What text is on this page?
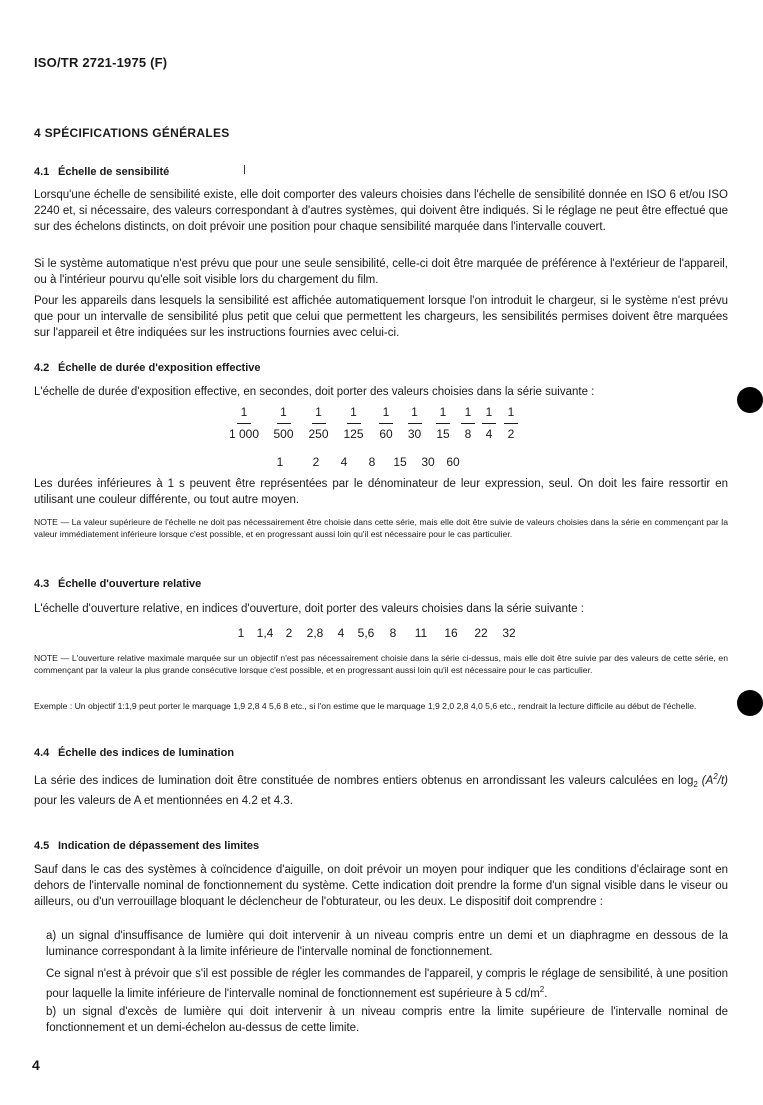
ISO/TR 2721-1975 (F)
4 SPÉCIFICATIONS GÉNÉRALES
4.1 Échelle de sensibilité

Lorsqu'une échelle de sensibilité existe, elle doit comporter des valeurs choisies dans l'échelle de sensibilité donnée en ISO 6 et/ou ISO 2240 et, si nécessaire, des valeurs correspondant à d'autres systèmes, qui doivent être indiqués. Si le réglage ne peut être effectué que sur des échelons distincts, on doit prévoir une position pour chaque sensibilité marquée dans l'intervalle couvert.

Si le système automatique n'est prévu que pour une seule sensibilité, celle-ci doit être marquée de préférence à l'extérieur de l'appareil, ou à l'intérieur pourvu qu'elle soit visible lors du chargement du film.

Pour les appareils dans lesquels la sensibilité est affichée automatiquement lorsque l'on introduit le chargeur, si le système n'est prévu que pour un intervalle de sensibilité plus petit que celui que permettent les chargeurs, les sensibilités permises doivent être marquées sur l'appareil et être indiquées sur les instructions fournies avec celui-ci.

4.2 Échelle de durée d'exposition effective

L'échelle de durée d'exposition effective, en secondes, doit porter des valeurs choisies dans la série suivante :

1
1 000
1
500
1
250
1
125
1
60
1
30
1
15
1
8
1
4
1
2
1	2	4	8	15	30 60

Les durées inférieures à 1 s peuvent être représentées par le dénominateur de leur expression, seul. On doit les faire ressortir en utilisant une couleur différente, ou tout autre moyen.

NOTE — La valeur supérieure de l'échelle ne doit pas nécessairement être choisie dans cette série, mais elle doit être suivie de valeurs choisies dans la série en commençant par la valeur immédiatement inférieure lorsque c'est possible, et en progressant aussi loin qu'il est nécessaire pour le cas particulier.

4.3 Échelle d'ouverture relative

L'échelle d'ouverture relative, en indices d'ouverture, doit porter des valeurs choisies dans la série suivante :

1	1,4	2	2,8	4	5,6	8	11	16	22	32

NOTE — L'ouverture relative maximale marquée sur un objectif n'est pas nécessairement choisie dans la série ci-dessus, mais elle doit être suivie par des valeurs de cette série, en commençant par la valeur la plus grande consécutive lorsque c'est possible, et en progressant aussi loin qu'il est nécessaire pour le cas particulier.

Exemple : Un objectif 1:1,9 peut porter le marquage 1,9 2,8 4 5,6 8 etc., si l'on estime que le marquage 1,9 2,0 2,8 4,0 5,6 etc., rendrait la lecture difficile au début de l'échelle.

4.4 Échelle des indices de lumination

La série des indices de lumination doit être constituée de nombres entiers obtenus en arrondissant les valeurs calculées en $\log_2 (A^2/t)$ pour les valeurs de A et mentionnées en 4.2 et 4.3.

4.5 Indication de dépassement des limites

Sauf dans le cas des systèmes à coïncidence d'aiguille, on doit prévoir un moyen pour indiquer que les conditions d'éclairage sont en dehors de l'intervalle nominal de fonctionnement du système. Cette indication doit prendre la forme d'un signal visible dans le viseur ou ailleurs, ou d'un verrouillage bloquant le déclencheur de l'obturateur, ou les deux. Le dispositif doit comprendre :

a) un signal d'insuffisance de lumière qui doit intervenir à un niveau compris entre un demi et un diaphragme en dessous de la luminance correspondant à la limite inférieure de l'intervalle nominal de fonctionnement.

Ce signal n'est à prévoir que s'il est possible de régler les commandes de l'appareil, y compris le réglage de sensibilité, à une position pour laquelle la limite inférieure de l'intervalle nominal de fonctionnement est supérieure à 5 $cd/m^2$.

b) un signal d'excès de lumière qui doit intervenir à un niveau compris entre la limite supérieure de l'intervalle nominal de fonctionnement et un demi-échelon au-dessus de cette limite.

4
